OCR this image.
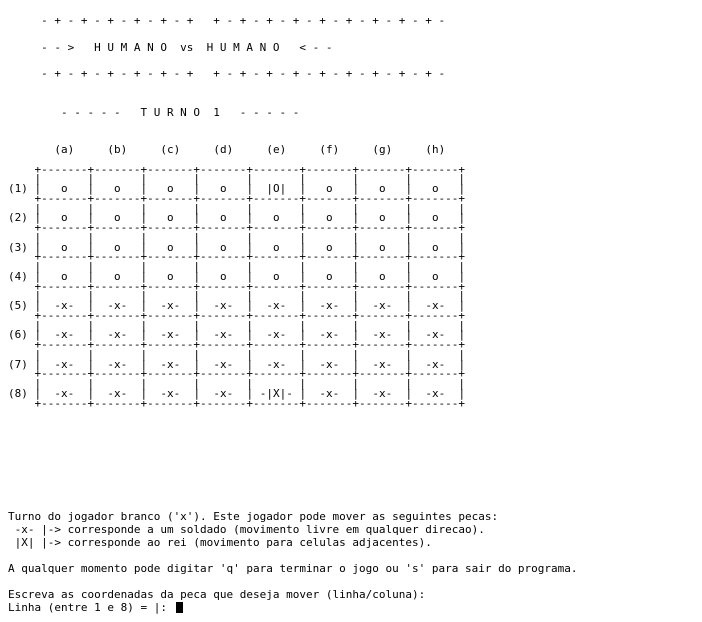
- + - + - + - + - + - +   + - + - + - + - + - + - + - + - + -
- - >   H U M A N O  vs  H U M A N O   < - -
- + - + - + - + - + - +   + - + - + - + - + - + - + - + - + -
- - - - -   T U R N O  1   - - - - -
(a)	(b)	(c)	(d)	(e)	(f)	(g)	(h)

+-------+-------+-------+-------+-------+-------+-------+-------+
|       |       |       |       |       |       |       |       |
(1) | o   | o   | o   | o   | |O|  | o   | o   | o   |
+-------+-------+-------+-------+-------+-------+-------+-------+
|       |       |       |       |       |       |       |       |
(2) | o   | o   | o   | o   | o   | o   | o   | o   |
+-------+-------+-------+-------+-------+-------+-------+-------+
|       |       |       |       |       |       |       |       |
(3) | o   | o   | o   | o   | o   | o   | o   | o   |
+-------+-------+-------+-------+-------+-------+-------+-------+
|       |       |       |       |       |       |       |       |
(4) | o   | o   | o   | o   | o   | o   | o   | o   |
+-------+-------+-------+-------+-------+-------+-------+-------+
|       |       |       |       |       |       |       |       |
(5) | -x-  | -x-  | -x-  | -x-  | -x-  | -x-  | -x-  | -x-  |
+-------+-------+-------+-------+-------+-------+-------+-------+
|       |       |       |       |       |       |       |       |
(6) | -x-  | -x-  | -x-  | -x-  | -x-  | -x-  | -x-  | -x-  |
+-------+-------+-------+-------+-------+-------+-------+-------+
|       |       |       |       |       |       |       |       |
(7) | -x-  | -x-  | -x-  | -x-  | -x-  | -x-  | -x-  | -x-  |
+-------+-------+-------+-------+-------+-------+-------+-------+
|       |       |       |       |       |       |       |       |
(8) | -x-  | -x-  | -x-  | -x-  | -|X|- | -x-  | -x-  | -x-  |
+-------+-------+-------+-------+-------+-------+-------+-------+
Turno do jogador branco ('x'). Este jogador pode mover as seguintes pecas:
-x- |-> corresponde a um soldado (movimento livre em qualquer direcao).
|X| |-> corresponde ao rei (movimento para celulas adjacentes).
A qualquer momento pode digitar 'q' para terminar o jogo ou 's' para sair do programa.
Escreva as coordenadas da peca que deseja mover (linha/coluna):
Linha (entre 1 e 8) = |:
